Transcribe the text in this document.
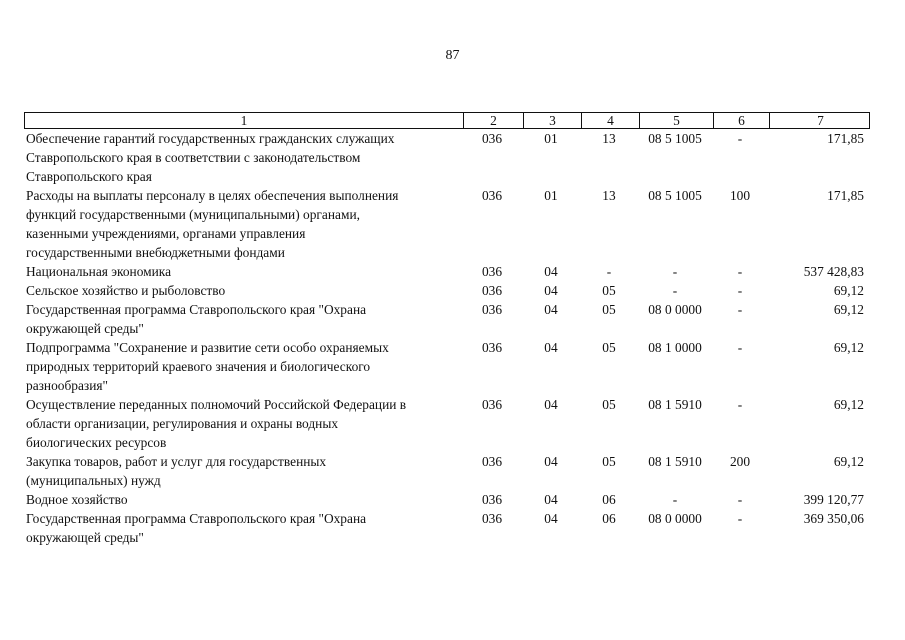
87
1	2	3	4	5	6	7
Обеспечение гарантий государственных гражданских служащих
Ставропольского края в соответствии с законодательством
Ставропольского края
036	01	13	08 5 1005	-	171,85
Расходы на выплаты персоналу в целях обеспечения выполнения
функций государственными (муниципальными) органами,
казенными учреждениями, органами управления
государственными внебюджетными фондами
036	01	13	08 5 1005	100	171,85
Национальная экономика	036	04	-	-	-	537 428,83
Сельское хозяйство и рыболовство	036	04	05	-	-	69,12
Государственная программа Ставропольского края "Охрана
окружающей среды"
036	04	05	08 0 0000	-	69,12
Подпрограмма "Сохранение и развитие сети особо охраняемых
природных территорий краевого значения и биологического
разнообразия"
036	04	05	08 1 0000	-	69,12
Осуществление переданных полномочий Российской Федерации в
области организации, регулирования и охраны водных
биологических ресурсов
036	04	05	08 1 5910	-	69,12
Закупка товаров, работ и услуг для государственных
(муниципальных) нужд
036	04	05	08 1 5910	200	69,12
Водное хозяйство	036	04	06	-	-	399 120,77
Государственная программа Ставропольского края "Охрана
окружающей среды"
036	04	06	08 0 0000	-	369 350,06
